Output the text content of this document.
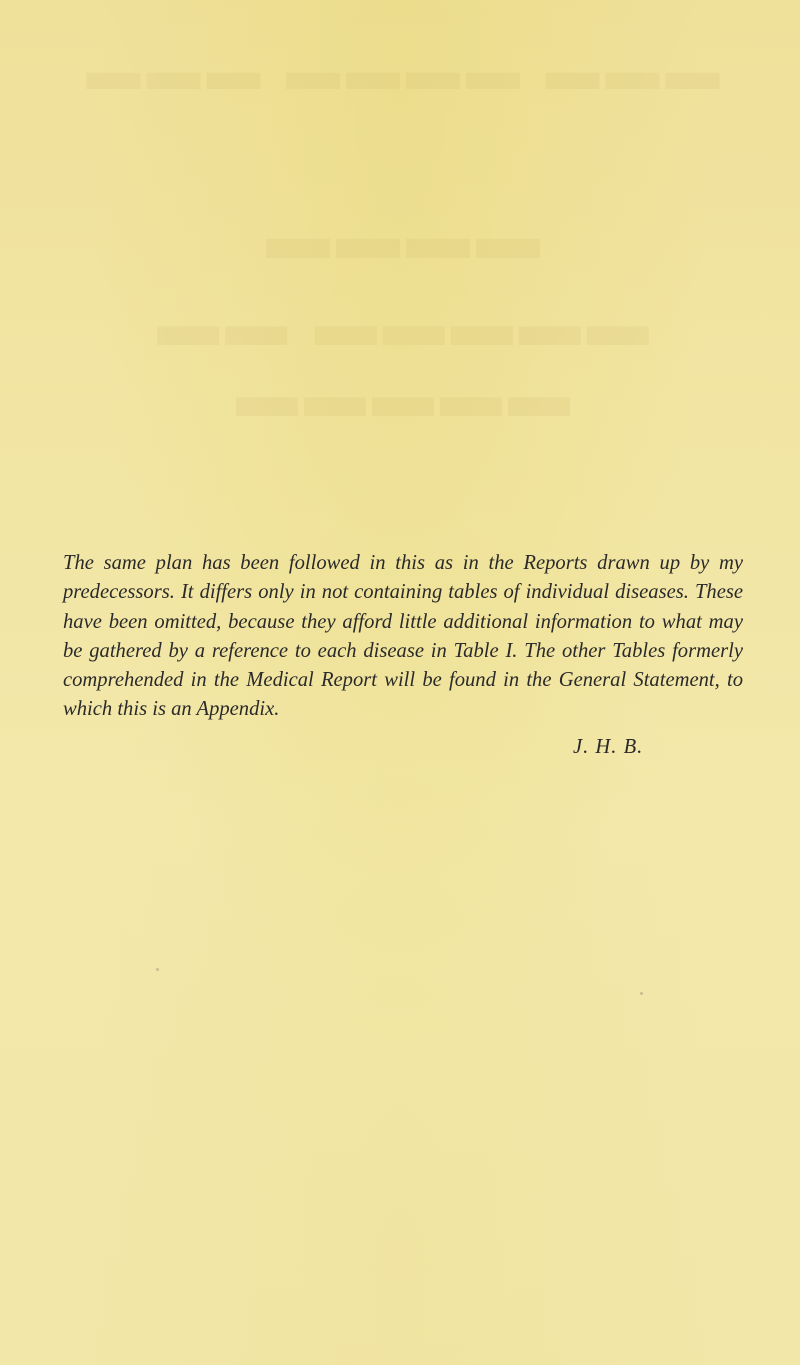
▬▬▬ ▬▬▬▬ ▬▬▬
▬▬▬▬
▬▬▬▬▬ ▬▬ ▬▬▬▬▬

The same plan has been followed in this as in the Reports drawn up by my predecessors. It differs only in not containing tables of individual diseases. These have been omitted, because they afford little additional information to what may be gathered by a reference to each disease in Table I. The other Tables formerly comprehended in the Medical Report will be found in the General Statement, to which this is an Appendix.

J. H. B.
